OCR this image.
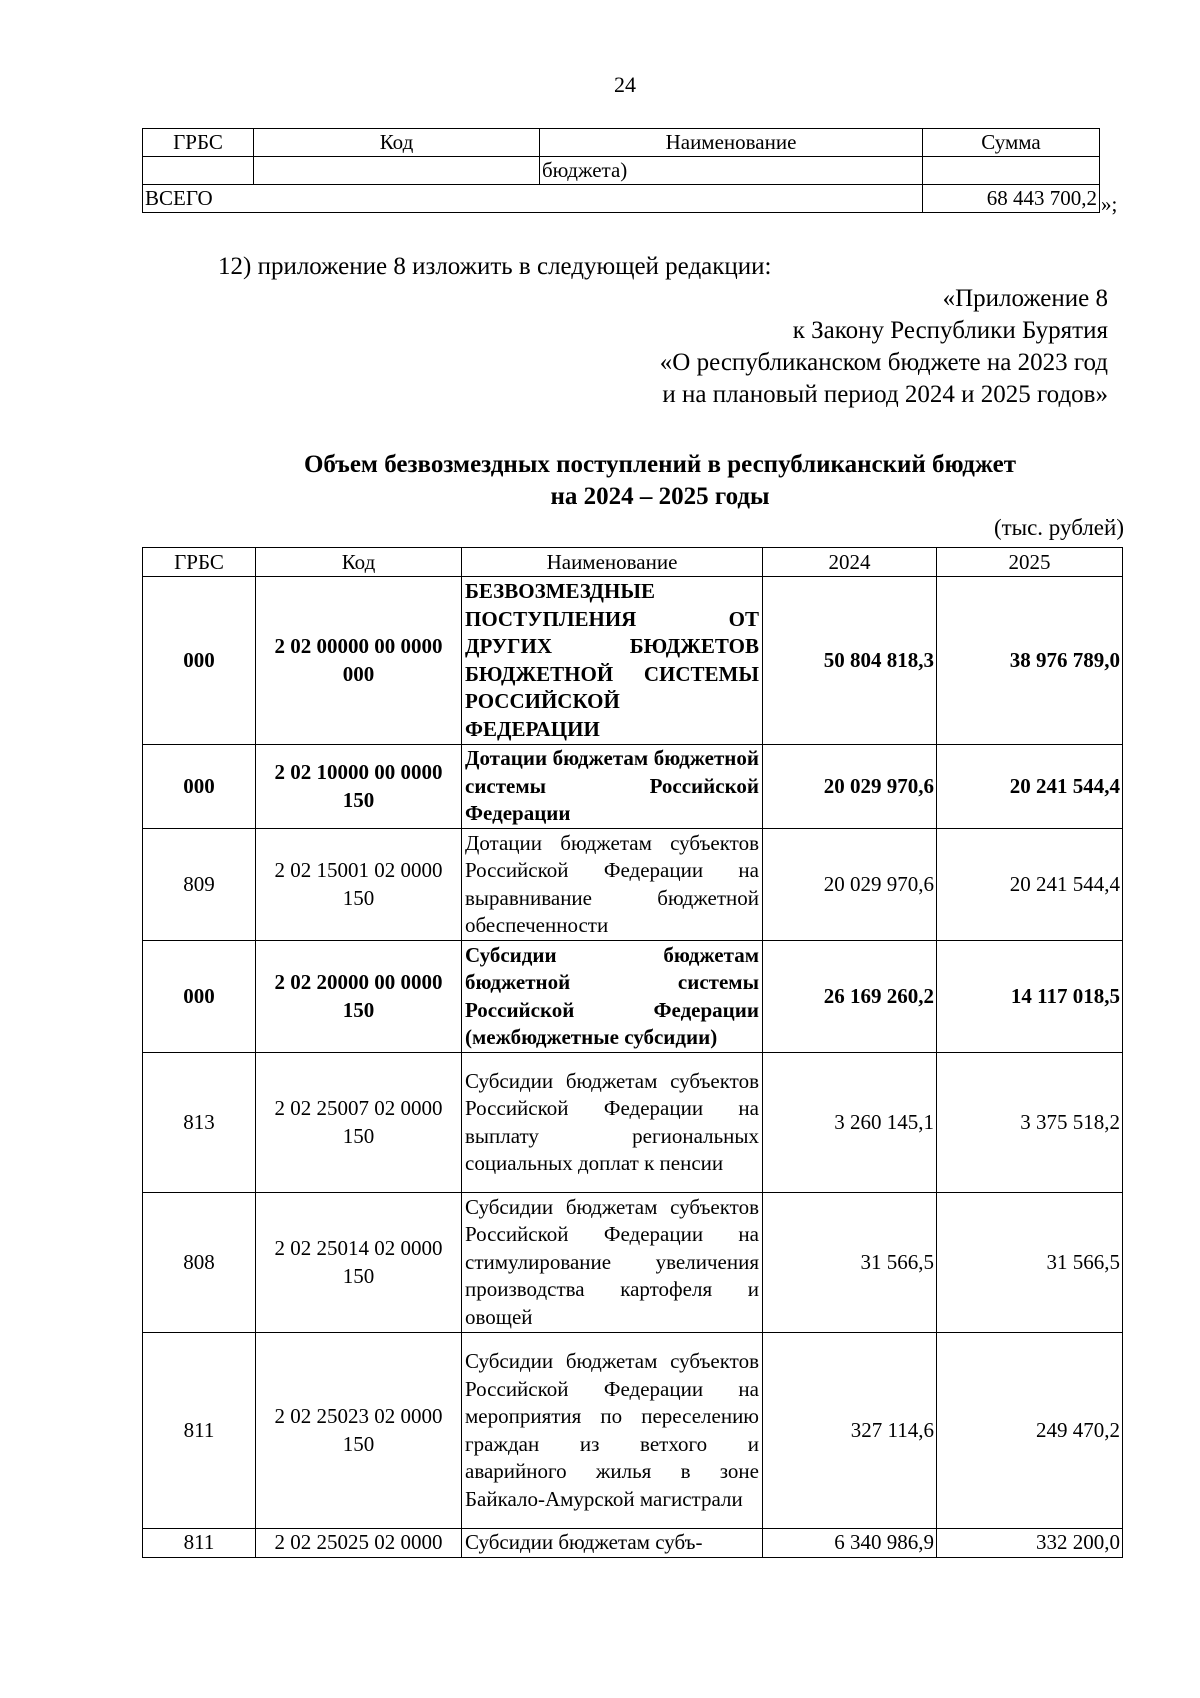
24
ГРБС	Код	Наименование	Сумма
		бюджета)	
ВСЕГО			68 443 700,2 »;
12) приложение 8 изложить в следующей редакции:
«Приложение 8
к Закону Республики Бурятия
«О республиканском бюджете на 2023 год
и на плановый период 2024 и 2025 годов»
Объем безвозмездных поступлений в республиканский бюджет
на 2024 – 2025 годы
(тыс. рублей)
ГРБС	Код	Наименование	2024	2025
000	2 02 00000 00 0000 000	БЕЗВОЗМЕЗДНЫЕ ПОСТУПЛЕНИЯ ОТ ДРУГИХ БЮДЖЕТОВ БЮДЖЕТНОЙ СИСТЕМЫ РОССИЙСКОЙ ФЕДЕРАЦИИ	50 804 818,3	38 976 789,0
000	2 02 10000 00 0000 150	Дотации бюджетам бюджетной системы Российской Федерации	20 029 970,6	20 241 544,4
809	2 02 15001 02 0000 150	Дотации бюджетам субъектов Российской Федерации на выравнивание бюджетной обеспеченности	20 029 970,6	20 241 544,4
000	2 02 20000 00 0000 150	Субсидии бюджетам бюджетной системы Российской Федерации (межбюджетные субсидии)	26 169 260,2	14 117 018,5
813	2 02 25007 02 0000 150	Субсидии бюджетам субъектов Российской Федерации на выплату региональных социальных доплат к пенсии	3 260 145,1	3 375 518,2
808	2 02 25014 02 0000 150	Субсидии бюджетам субъектов Российской Федерации на стимулирование увеличения производства картофеля и овощей	31 566,5	31 566,5
811	2 02 25023 02 0000 150	Субсидии бюджетам субъектов Российской Федерации на мероприятия по переселению граждан из ветхого и аварийного жилья в зоне Байкало-Амурской магистрали	327 114,6	249 470,2
811	2 02 25025 02 0000	Субсидии бюджетам субъ-	6 340 986,9	332 200,0
